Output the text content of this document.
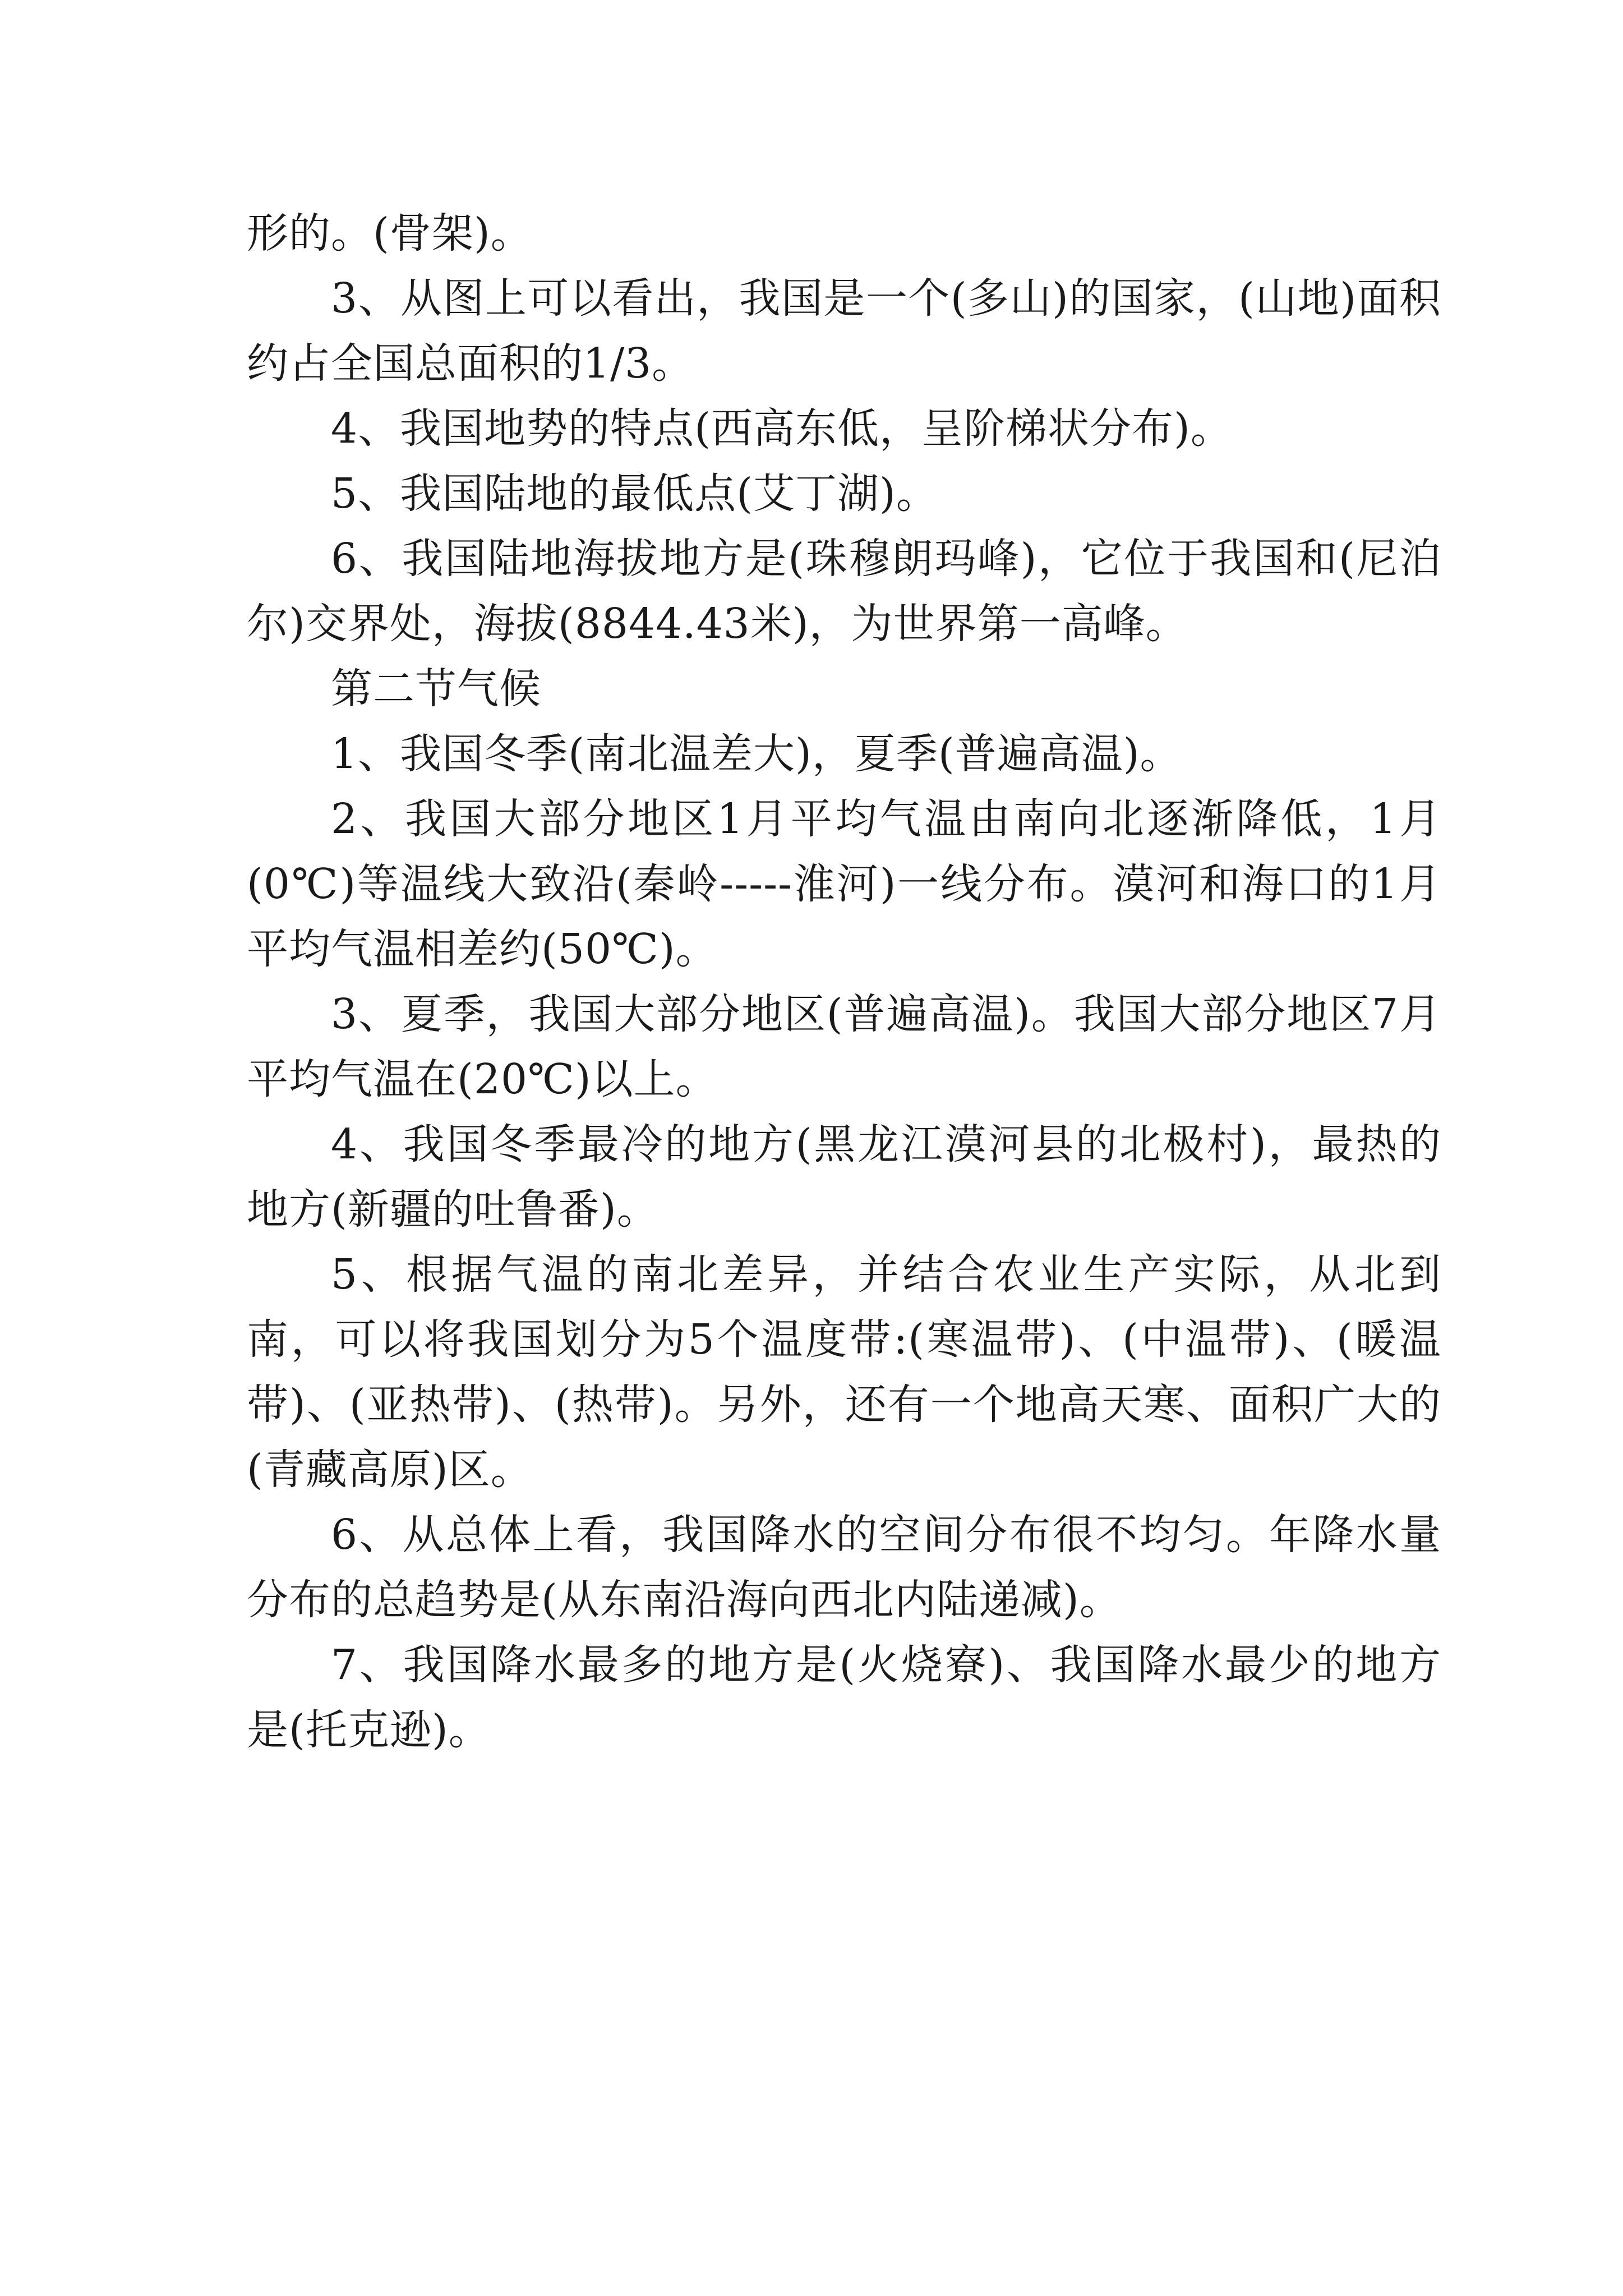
形的。(骨架)。

3、从图上可以看出，我国是一个(多山)的国家，(山地)面积约占全国总面积的1/3。

4、我国地势的特点(西高东低，呈阶梯状分布)。

5、我国陆地的最低点(艾丁湖)。

6、我国陆地海拔地方是(珠穆朗玛峰)，它位于我国和(尼泊尔)交界处，海拔(8844.43米)，为世界第一高峰。

第二节气候

1、我国冬季(南北温差大)，夏季(普遍高温)。

2、我国大部分地区1月平均气温由南向北逐渐降低，1月(0℃)等温线大致沿(秦岭-----淮河)一线分布。漠河和海口的1月平均气温相差约(50℃)。

3、夏季，我国大部分地区(普遍高温)。我国大部分地区7月平均气温在(20℃)以上。

4、我国冬季最冷的地方(黑龙江漠河县的北极村)，最热的地方(新疆的吐鲁番)。

5、根据气温的南北差异，并结合农业生产实际，从北到南，可以将我国划分为5个温度带:(寒温带)、(中温带)、(暖温带)、(亚热带)、(热带)。另外，还有一个地高天寒、面积广大的(青藏高原)区。

6、从总体上看，我国降水的空间分布很不均匀。年降水量分布的总趋势是(从东南沿海向西北内陆递减)。

7、我国降水最多的地方是(火烧寮)、我国降水最少的地方是(托克逊)。
